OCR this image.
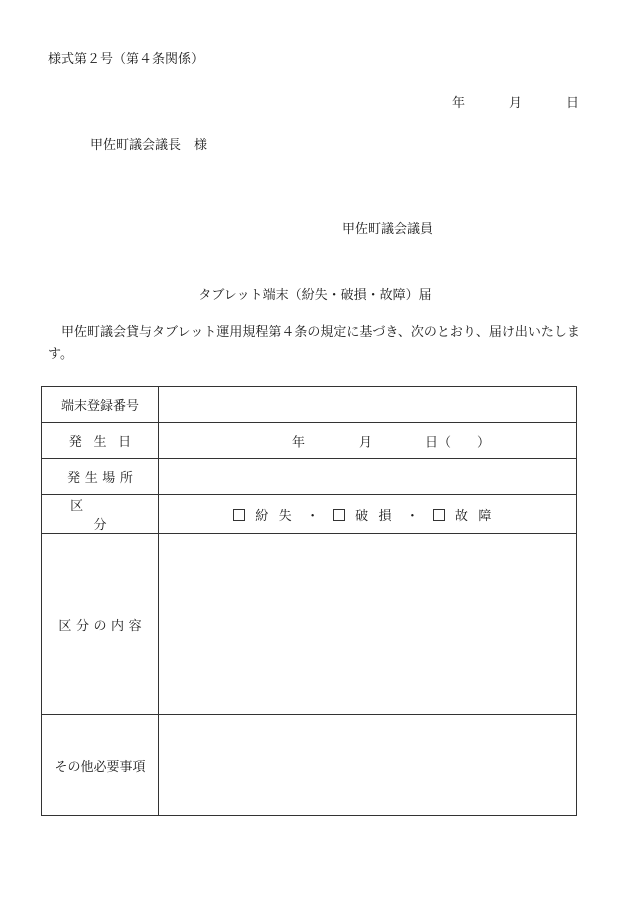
様式第２号（第４条関係）
年	月	日
甲佐町議会議長　様
甲佐町議会議員
タブレット端末（紛失・破損・故障）届
甲佐町議会貸与タブレット運用規程第４条の規定に基づき、次のとおり、届け出いたします。
端末登録番号	
発生日	年 月 日（ ）

発生場所	
区分	紛失 ・ 破損 ・ 故障
区分の内容	
その他必要事項	
